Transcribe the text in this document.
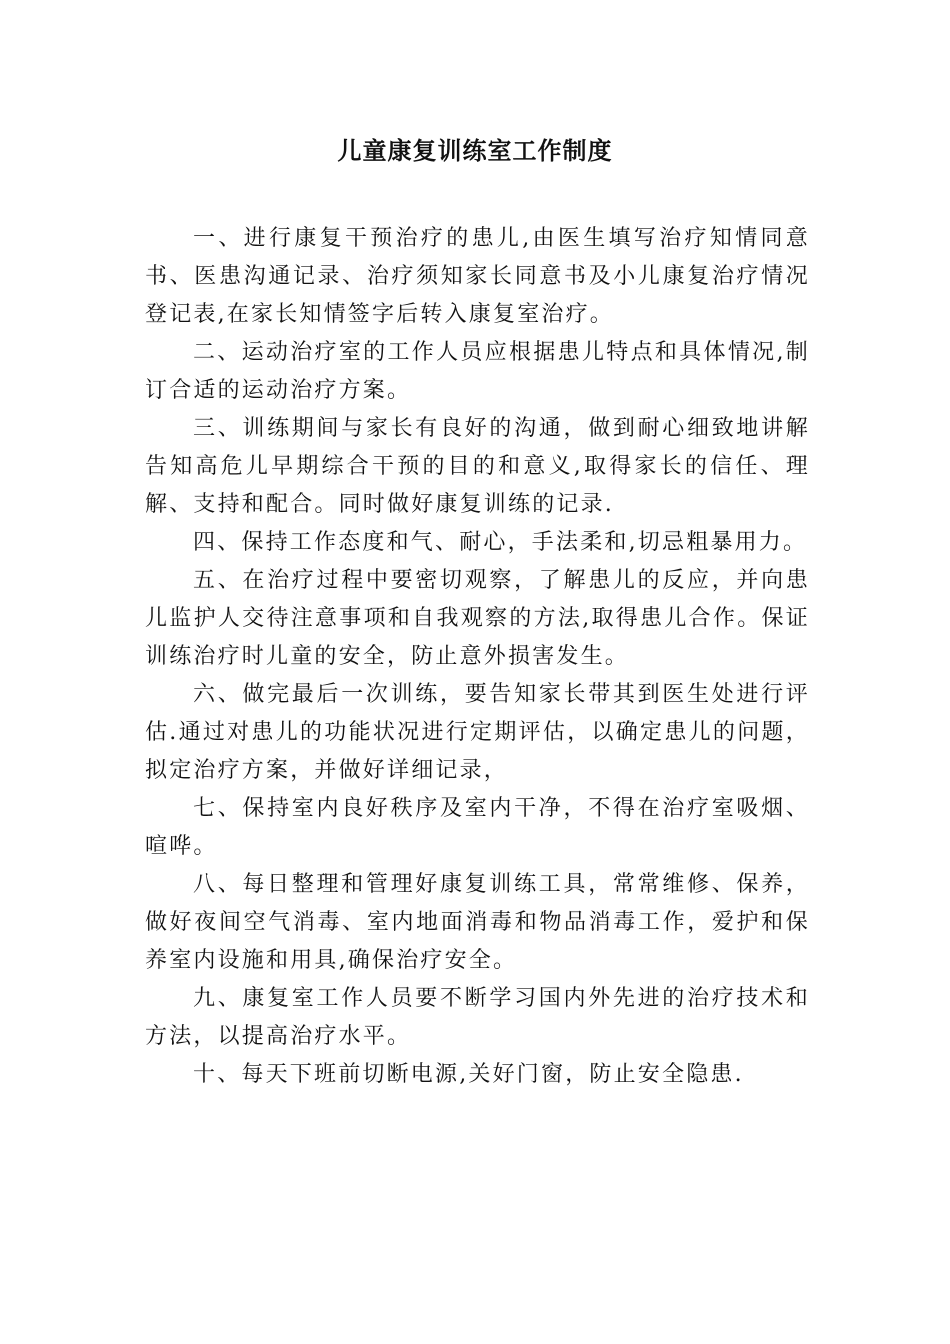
儿童康复训练室工作制度

一、进行康复干预治疗的患儿,由医生填写治疗知情同意书、医患沟通记录、治疗须知家长同意书及小儿康复治疗情况登记表,在家长知情签字后转入康复室治疗。

二、运动治疗室的工作人员应根据患儿特点和具体情况,制订合适的运动治疗方案。

三、训练期间与家长有良好的沟通，做到耐心细致地讲解告知高危儿早期综合干预的目的和意义,取得家长的信任、理解、支持和配合。同时做好康复训练的记录.

四、保持工作态度和气、耐心，手法柔和,切忌粗暴用力。

五、在治疗过程中要密切观察，了解患儿的反应，并向患儿监护人交待注意事项和自我观察的方法,取得患儿合作。保证训练治疗时儿童的安全，防止意外损害发生。

六、做完最后一次训练，要告知家长带其到医生处进行评估.通过对患儿的功能状况进行定期评估，以确定患儿的问题，拟定治疗方案，并做好详细记录，

七、保持室内良好秩序及室内干净，不得在治疗室吸烟、喧哗。

八、每日整理和管理好康复训练工具，常常维修、保养，做好夜间空气消毒、室内地面消毒和物品消毒工作，爱护和保养室内设施和用具,确保治疗安全。

九、康复室工作人员要不断学习国内外先进的治疗技术和方法，以提高治疗水平。

十、每天下班前切断电源,关好门窗，防止安全隐患.
